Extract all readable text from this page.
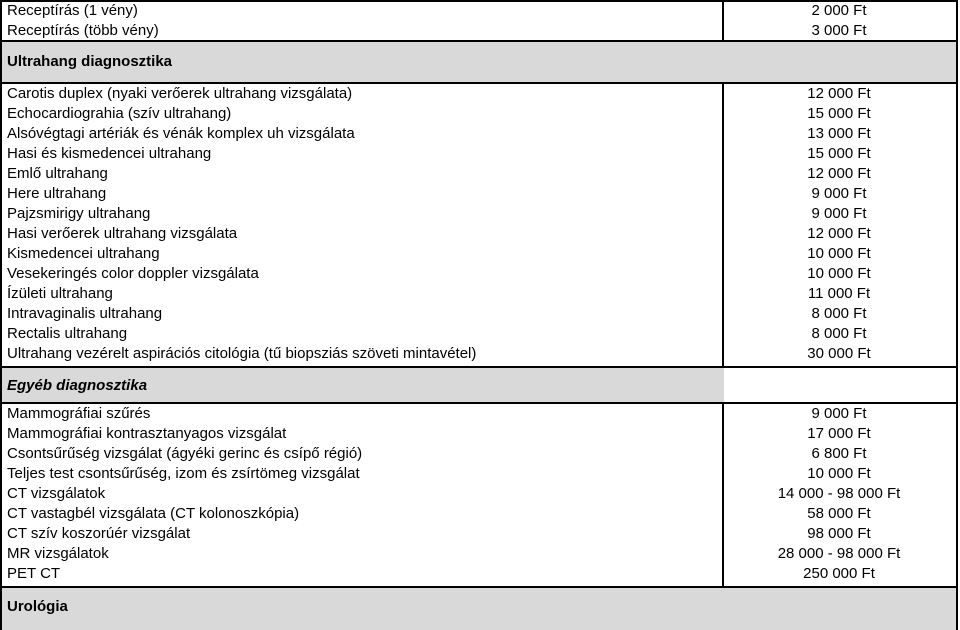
Receptírás (1 vény)	2 000 Ft
Receptírás (több vény)	3 000 Ft
Ultrahang diagnosztika
Carotis duplex (nyaki verőerek ultrahang vizsgálata)	12 000 Ft
Echocardiograhia (szív ultrahang)	15 000 Ft
Alsóvégtagi artériák és vénák komplex uh vizsgálata	13 000 Ft
Hasi és kismedencei ultrahang	15 000 Ft
Emlő ultrahang	12 000 Ft
Here ultrahang	9 000 Ft
Pajzsmirigy ultrahang	9 000 Ft
Hasi verőerek ultrahang vizsgálata	12 000 Ft
Kismedencei ultrahang	10 000 Ft
Vesekeringés color doppler vizsgálata	10 000 Ft
Ízületi ultrahang	11 000 Ft
Intravaginalis ultrahang	8 000 Ft
Rectalis ultrahang	8 000 Ft
Ultrahang vezérelt aspirációs citológia (tű biopsziás szöveti mintavétel)	30 000 Ft
Egyéb diagnosztika
Mammográfiai szűrés	9 000 Ft
Mammográfiai kontrasztanyagos vizsgálat	17 000 Ft
Csontsűrűség vizsgálat (ágyéki gerinc és csípő régió)	6 800 Ft
Teljes test csontsűrűség, izom és zsírtömeg vizsgálat	10 000 Ft
CT vizsgálatok	14 000 - 98 000 Ft
CT vastagbél vizsgálata (CT kolonoszkópia)	58 000 Ft
CT szív koszorúér vizsgálat	98 000 Ft
MR vizsgálatok	28 000 - 98 000 Ft
PET CT	250 000 Ft
Urológia
